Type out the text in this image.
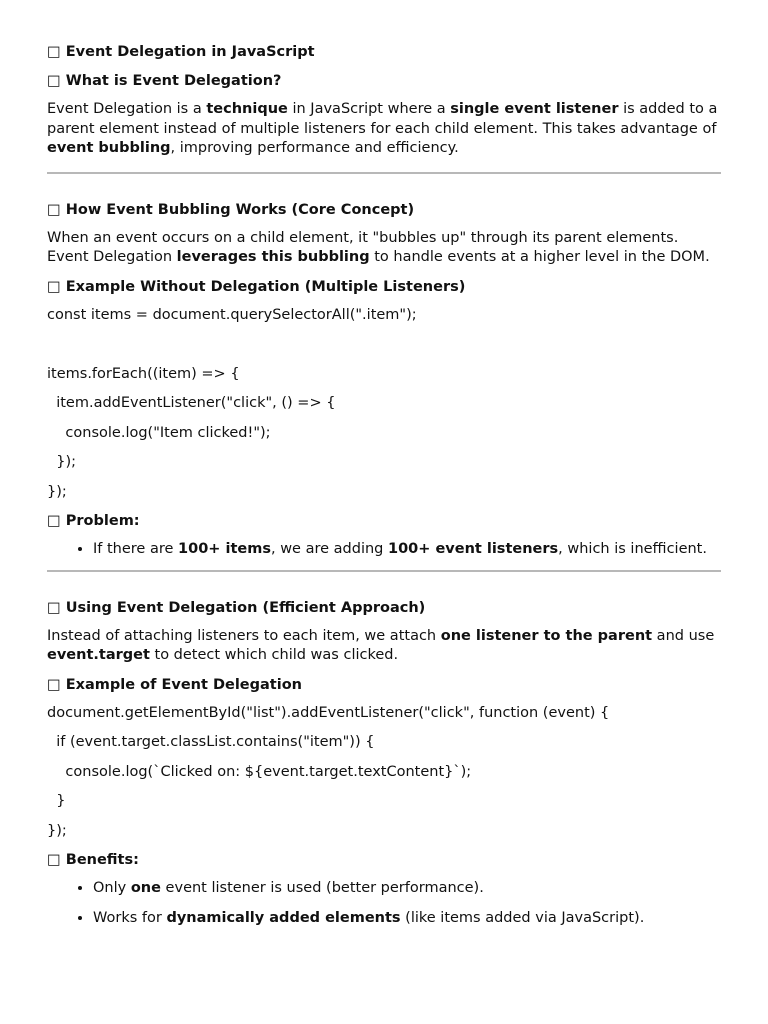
□ Event Delegation in JavaScript

□ What is Event Delegation?

Event Delegation is a technique in JavaScript where a single event listener is added to a parent element instead of multiple listeners for each child element. This takes advantage of event bubbling, improving performance and efficiency.

□ How Event Bubbling Works (Core Concept)

When an event occurs on a child element, it "bubbles up" through its parent elements. Event Delegation leverages this bubbling to handle events at a higher level in the DOM.

□ Example Without Delegation (Multiple Listeners)

const items = document.querySelectorAll(".item");

items.forEach((item) => {

item.addEventListener("click", () => {

console.log("Item clicked!");

});

});

□ Problem:

• If there are 100+ items, we are adding 100+ event listeners, which is inefficient.

□ Using Event Delegation (Efficient Approach)

Instead of attaching listeners to each item, we attach one listener to the parent and use event.target to detect which child was clicked.

□ Example of Event Delegation

document.getElementById("list").addEventListener("click", function (event) {

if (event.target.classList.contains("item")) {

console.log(`Clicked on: ${event.target.textContent}`);

}

});

□ Benefits:

• Only one event listener is used (better performance).
• Works for dynamically added elements (like items added via JavaScript).
